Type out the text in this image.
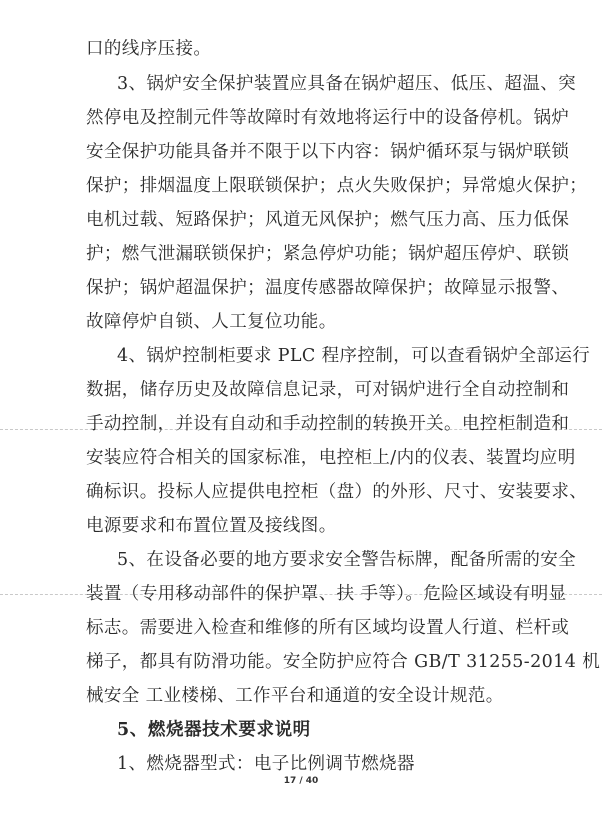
口的线序压接。
3、锅炉安全保护装置应具备在锅炉超压、低压、超温、突
然停电及控制元件等故障时有效地将运行中的设备停机。锅炉
安全保护功能具备并不限于以下内容：锅炉循环泵与锅炉联锁
保护；排烟温度上限联锁保护；点火失败保护；异常熄火保护；
电机过载、短路保护；风道无风保护；燃气压力高、压力低保
护；燃气泄漏联锁保护；紧急停炉功能；锅炉超压停炉、联锁
保护；锅炉超温保护；温度传感器故障保护；故障显示报警、
故障停炉自锁、人工复位功能。
4、锅炉控制柜要求 PLC 程序控制，可以查看锅炉全部运行
数据，储存历史及故障信息记录，可对锅炉进行全自动控制和
手动控制，并设有自动和手动控制的转换开关。电控柜制造和
安装应符合相关的国家标准，电控柜上/内的仪表、装置均应明
确标识。投标人应提供电控柜（盘）的外形、尺寸、安装要求、
电源要求和布置位置及接线图。
5、在设备必要的地方要求安全警告标牌，配备所需的安全
装置（专用移动部件的保护罩、扶 手等）。危险区域设有明显
标志。需要进入检查和维修的所有区域均设置人行道、栏杆或
梯子，都具有防滑功能。安全防护应符合 GB/T 31255-2014 机
械安全 工业楼梯、工作平台和通道的安全设计规范。
5、燃烧器技术要求说明
1、燃烧器型式：电子比例调节燃烧器
17 / 40
